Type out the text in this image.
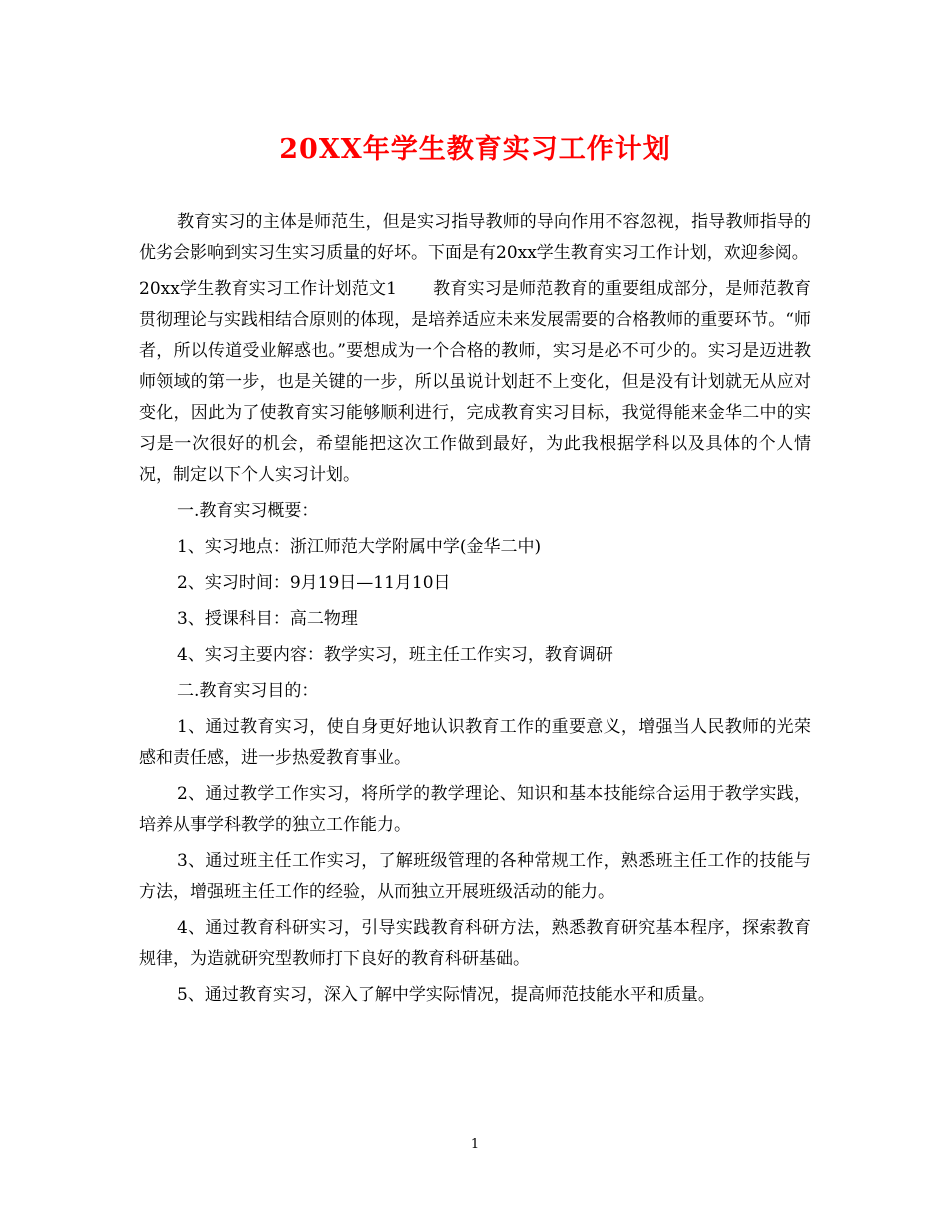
20XX年学生教育实习工作计划

教育实习的主体是师范生，但是实习指导教师的导向作用不容忽视，指导教师指导的优劣会影响到实习生实习质量的好坏。下面是有20xx学生教育实习工作计划，欢迎参阅。

20xx学生教育实习工作计划范文1 教育实习是师范教育的重要组成部分，是师范教育贯彻理论与实践相结合原则的体现，是培养适应未来发展需要的合格教师的重要环节。“师者，所以传道受业解惑也。”要想成为一个合格的教师，实习是必不可少的。实习是迈进教师领域的第一步，也是关键的一步，所以虽说计划赶不上变化，但是没有计划就无从应对变化，因此为了使教育实习能够顺利进行，完成教育实习目标，我觉得能来金华二中的实习是一次很好的机会，希望能把这次工作做到最好，为此我根据学科以及具体的个人情况，制定以下个人实习计划。

一.教育实习概要：

1、实习地点：浙江师范大学附属中学(金华二中)

2、实习时间：9月19日—11月10日

3、授课科目：高二物理

4、实习主要内容：教学实习，班主任工作实习，教育调研

二.教育实习目的：

1、通过教育实习，使自身更好地认识教育工作的重要意义，增强当人民教师的光荣感和责任感，进一步热爱教育事业。

2、通过教学工作实习，将所学的教学理论、知识和基本技能综合运用于教学实践，培养从事学科教学的独立工作能力。

3、通过班主任工作实习，了解班级管理的各种常规工作，熟悉班主任工作的技能与方法，增强班主任工作的经验，从而独立开展班级活动的能力。

4、通过教育科研实习，引导实践教育科研方法，熟悉教育研究基本程序，探索教育规律，为造就研究型教师打下良好的教育科研基础。

5、通过教育实习，深入了解中学实际情况，提高师范技能水平和质量。

1
